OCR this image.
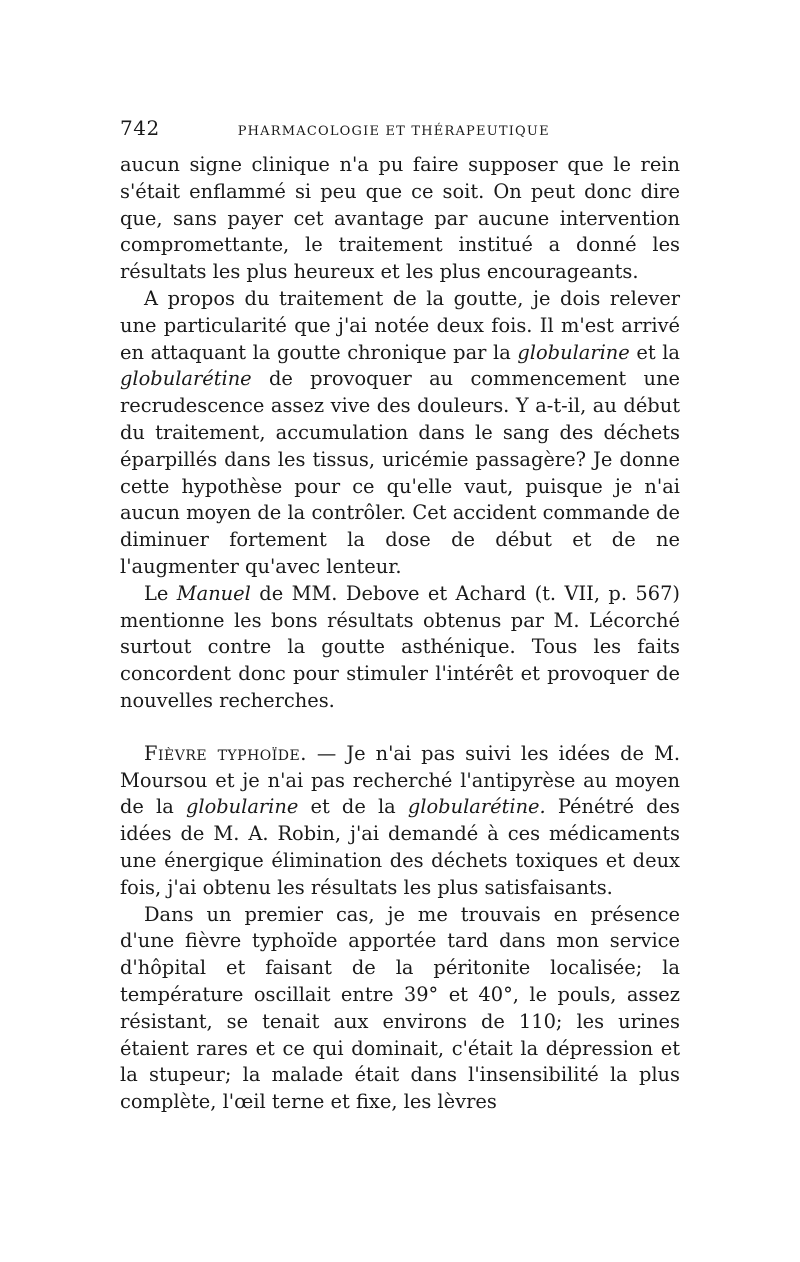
742	PHARMACOLOGIE ET THÉRAPEUTIQUE

aucun signe clinique n'a pu faire supposer que le rein s'était enflammé si peu que ce soit. On peut donc dire que, sans payer cet avantage par aucune intervention compromettante, le traitement institué a donné les résultats les plus heureux et les plus encourageants.

A propos du traitement de la goutte, je dois relever une particularité que j'ai notée deux fois. Il m'est arrivé en attaquant la goutte chronique par la globularine et la globularétine de provoquer au commencement une recrudescence assez vive des douleurs. Y a-t-il, au début du traitement, accumulation dans le sang des déchets éparpillés dans les tissus, uricémie passagère? Je donne cette hypothèse pour ce qu'elle vaut, puisque je n'ai aucun moyen de la contrôler. Cet accident commande de diminuer fortement la dose de début et de ne l'augmenter qu'avec lenteur.

Le Manuel de MM. Debove et Achard (t. VII, p. 567) mentionne les bons résultats obtenus par M. Lécorché surtout contre la goutte asthénique. Tous les faits concordent donc pour stimuler l'intérêt et provoquer de nouvelles recherches.

Fièvre typhoïde. — Je n'ai pas suivi les idées de M. Moursou et je n'ai pas recherché l'antipyrèse au moyen de la globularine et de la globularétine. Pénétré des idées de M. A. Robin, j'ai demandé à ces médicaments une énergique élimination des déchets toxiques et deux fois, j'ai obtenu les résultats les plus satisfaisants.

Dans un premier cas, je me trouvais en présence d'une fièvre typhoïde apportée tard dans mon service d'hôpital et faisant de la péritonite localisée; la température oscillait entre 39° et 40°, le pouls, assez résistant, se tenait aux environs de 110; les urines étaient rares et ce qui dominait, c'était la dépression et la stupeur; la malade était dans l'insensibilité la plus complète, l'œil terne et fixe, les lèvres
